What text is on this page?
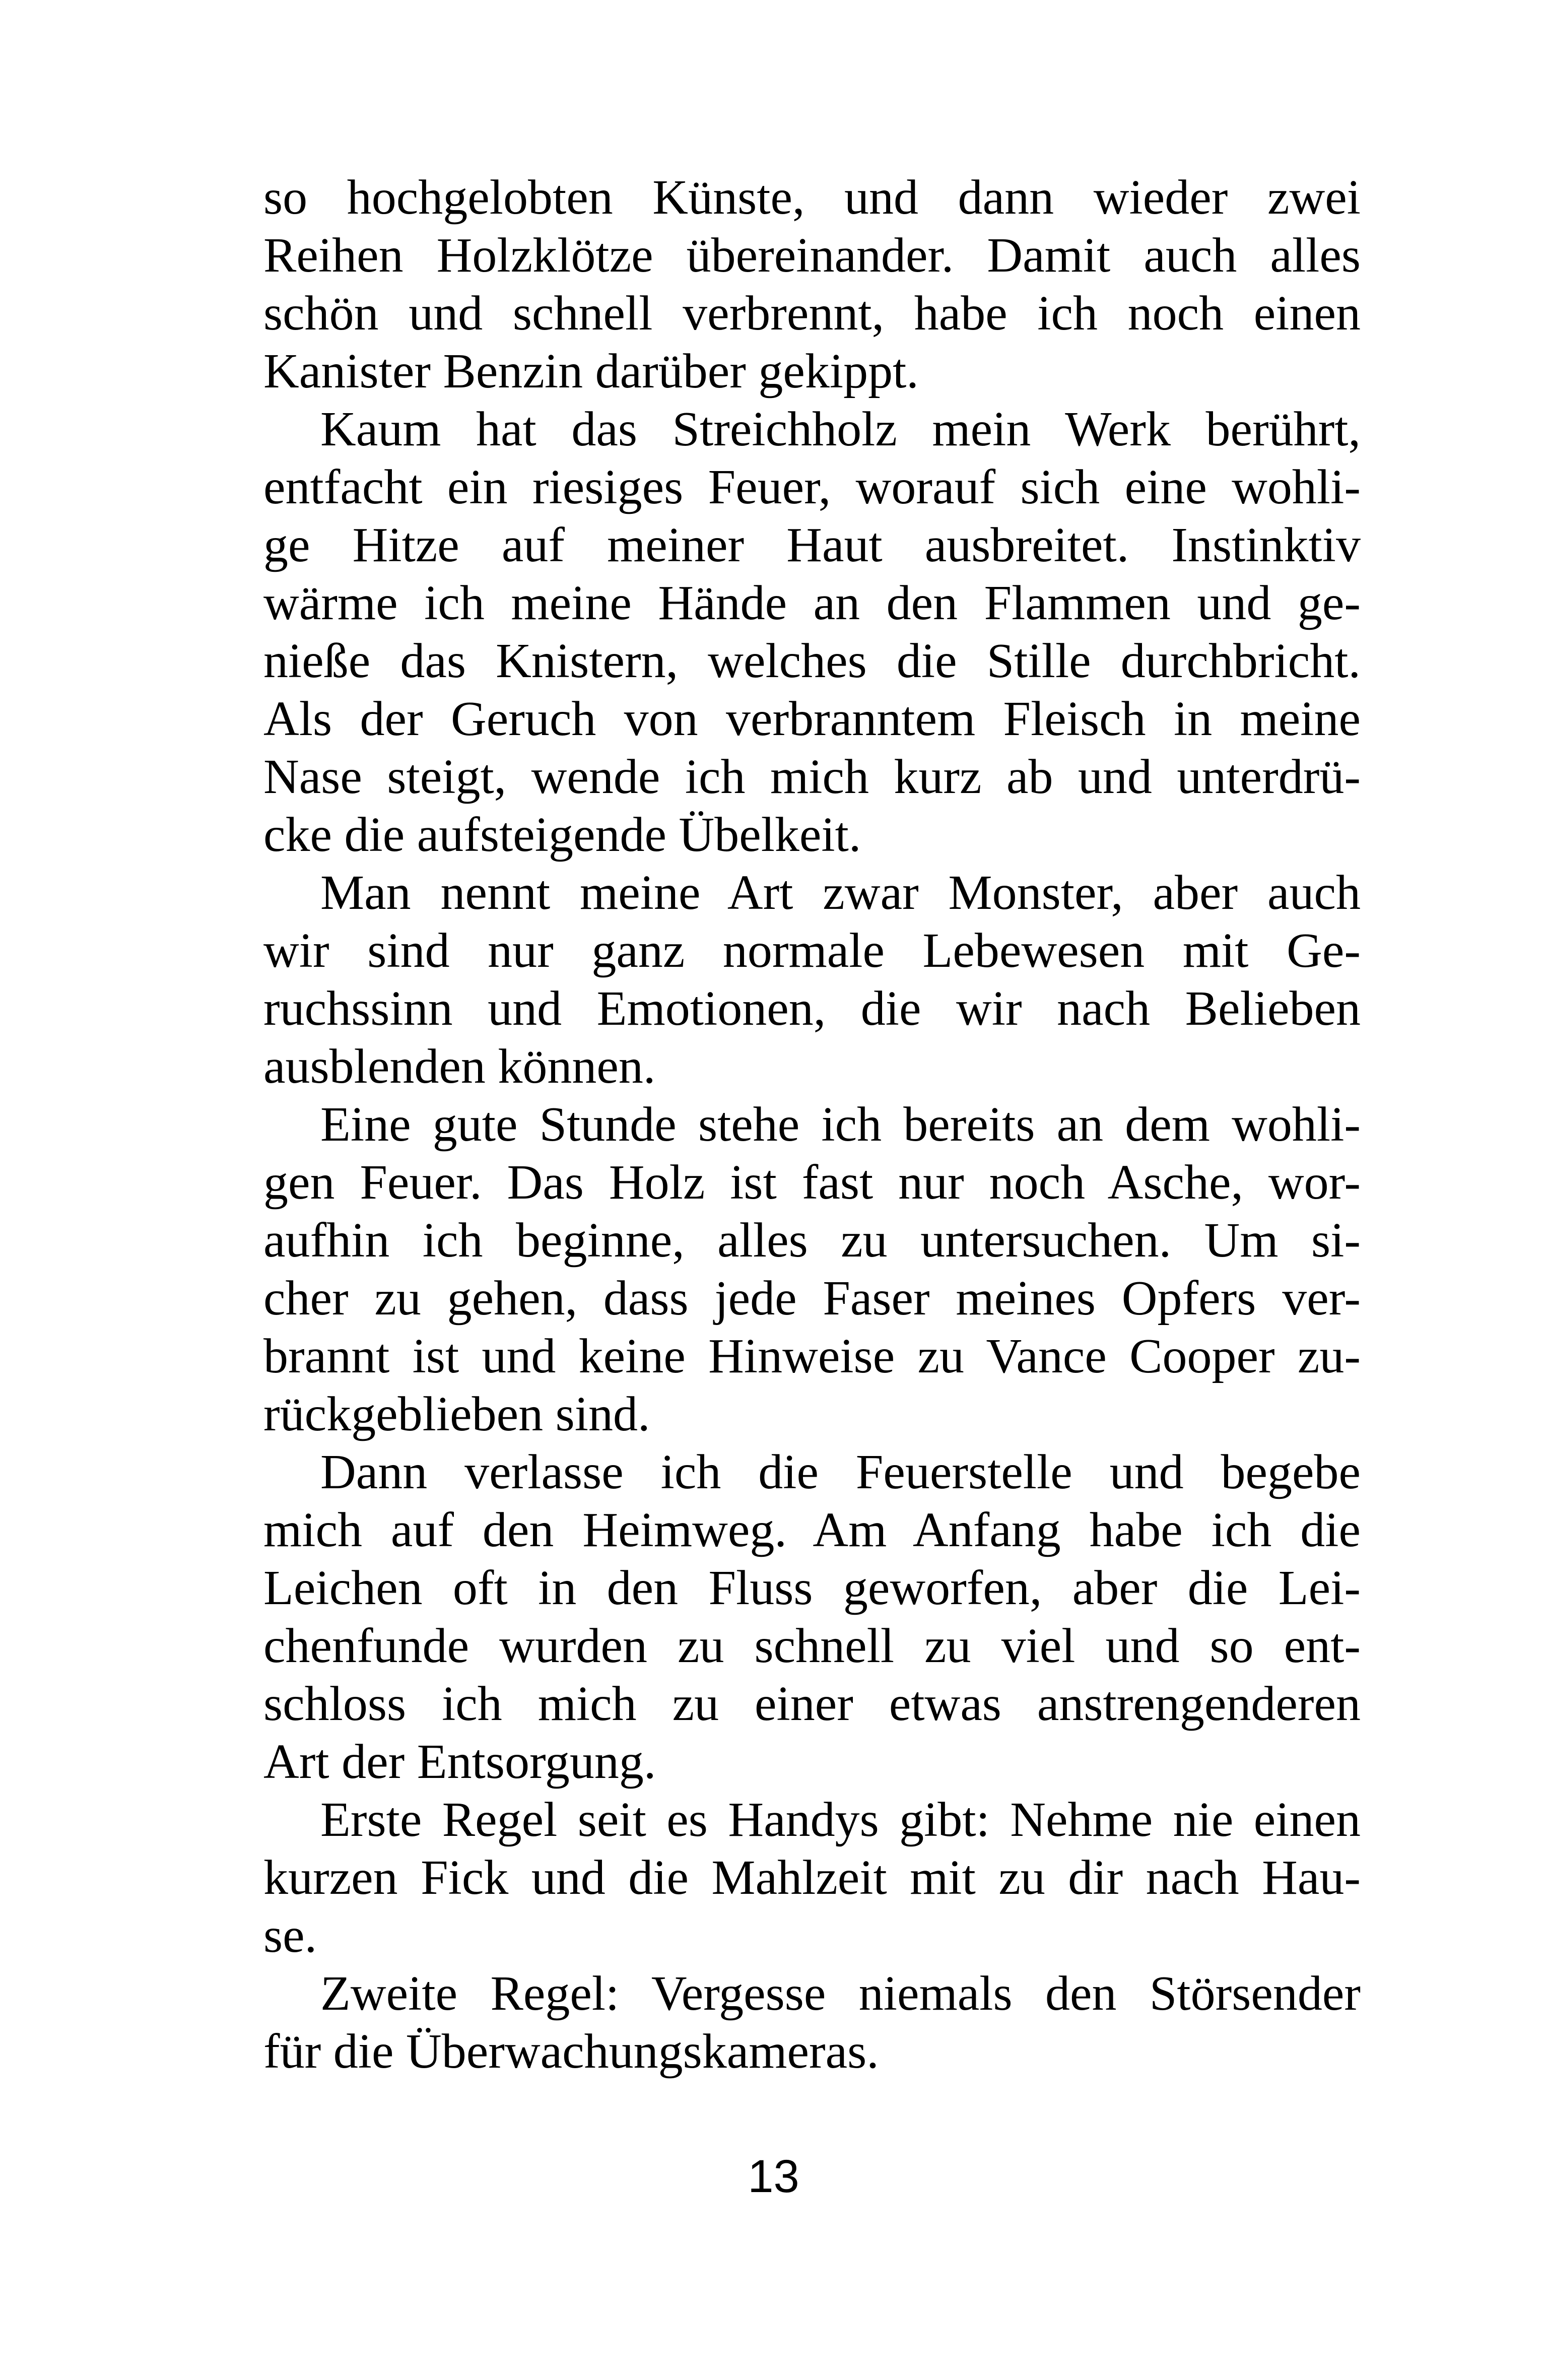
so hochgelobten Künste, und dann wieder zwei
Reihen Holzklötze übereinander. Damit auch alles
schön und schnell verbrennt, habe ich noch einen
Kanister Benzin darüber gekippt.
Kaum hat das Streichholz mein Werk berührt,
entfacht ein riesiges Feuer, worauf sich eine wohli-
ge Hitze auf meiner Haut ausbreitet. Instinktiv
wärme ich meine Hände an den Flammen und ge-
nieße das Knistern, welches die Stille durchbricht.
Als der Geruch von verbranntem Fleisch in meine
Nase steigt, wende ich mich kurz ab und unterdrü-
cke die aufsteigende Übelkeit.
Man nennt meine Art zwar Monster, aber auch
wir sind nur ganz normale Lebewesen mit Ge-
ruchssinn und Emotionen, die wir nach Belieben
ausblenden können.
Eine gute Stunde stehe ich bereits an dem wohli-
gen Feuer. Das Holz ist fast nur noch Asche, wor-
aufhin ich beginne, alles zu untersuchen. Um si-
cher zu gehen, dass jede Faser meines Opfers ver-
brannt ist und keine Hinweise zu Vance Cooper zu-
rückgeblieben sind.
Dann verlasse ich die Feuerstelle und begebe
mich auf den Heimweg. Am Anfang habe ich die
Leichen oft in den Fluss geworfen, aber die Lei-
chenfunde wurden zu schnell zu viel und so ent-
schloss ich mich zu einer etwas anstrengenderen
Art der Entsorgung.
Erste Regel seit es Handys gibt: Nehme nie einen
kurzen Fick und die Mahlzeit mit zu dir nach Hau-
se.
Zweite Regel: Vergesse niemals den Störsender
für die Überwachungskameras.
13
